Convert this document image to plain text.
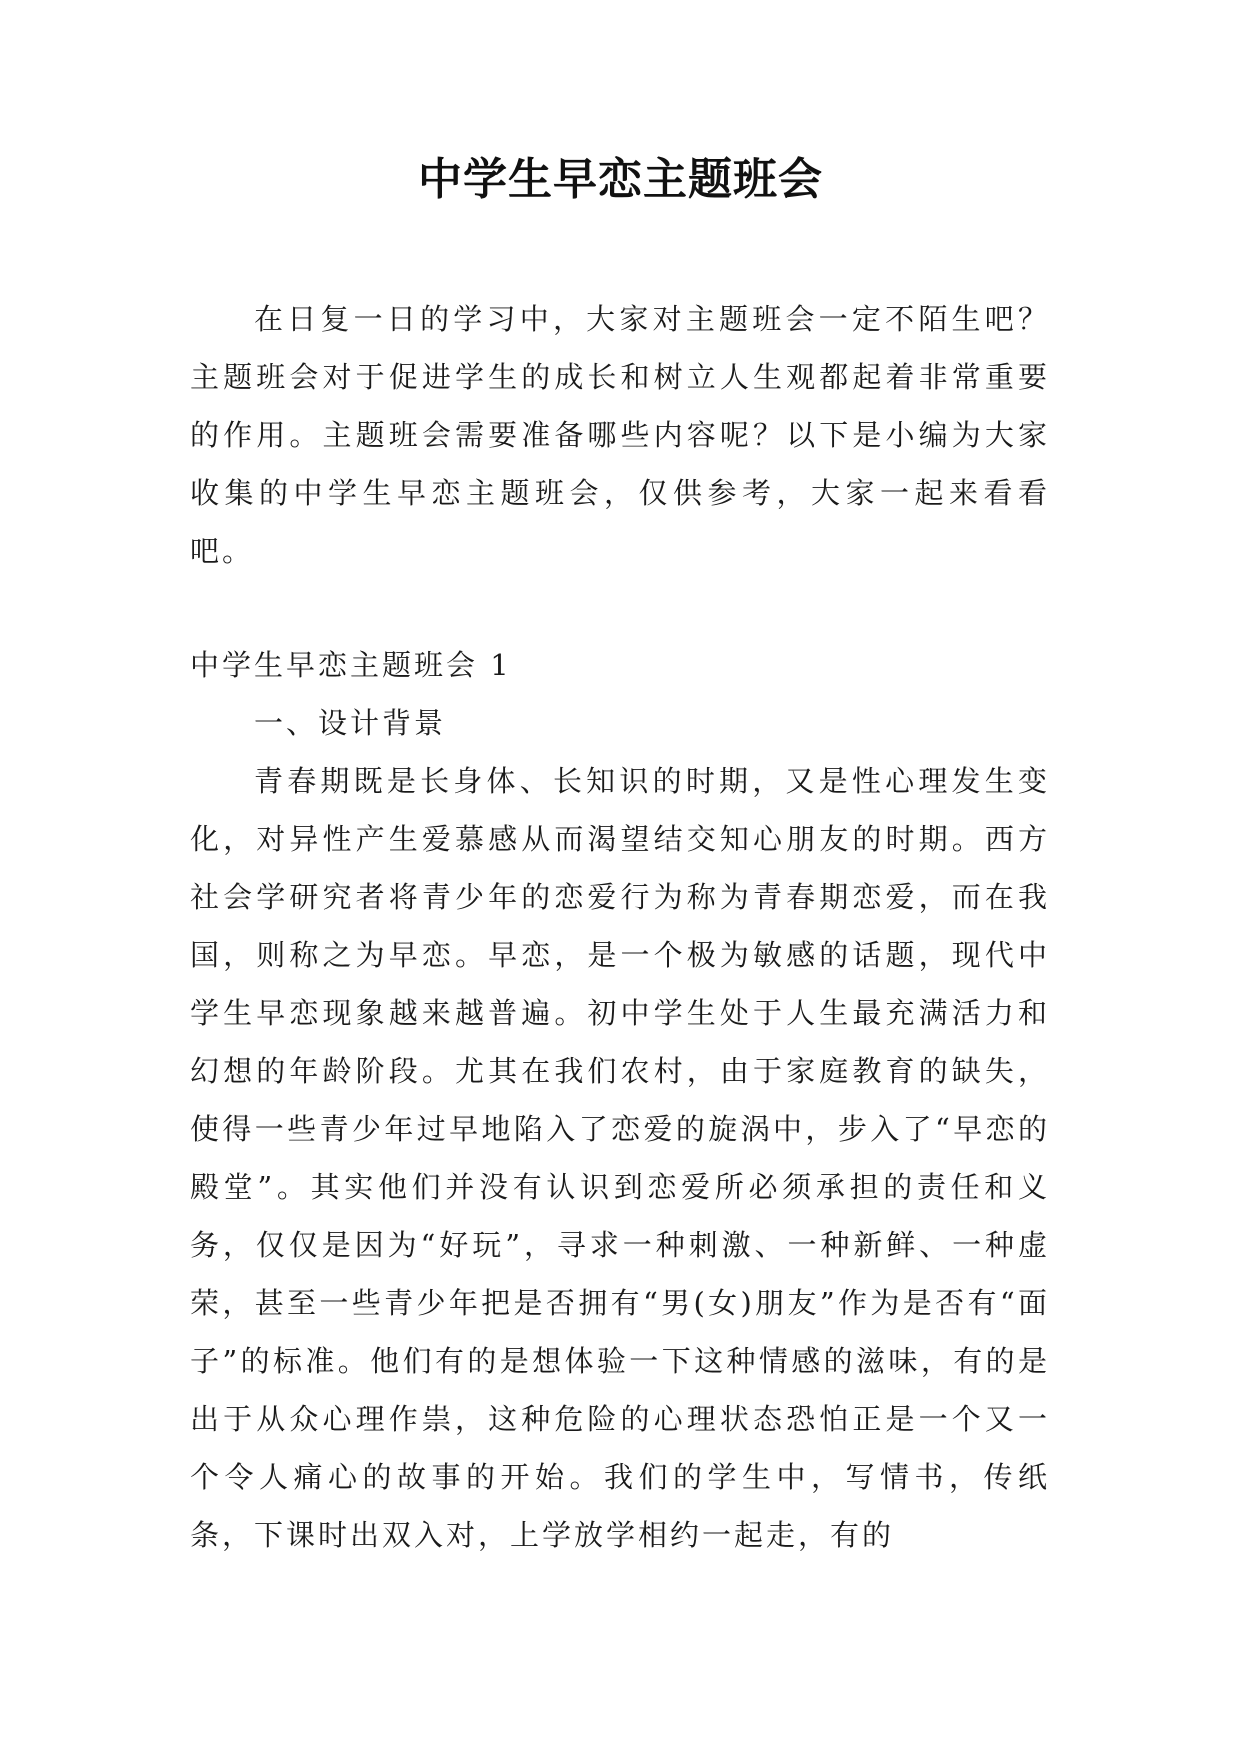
中学生早恋主题班会

在日复一日的学习中，大家对主题班会一定不陌生吧？主题班会对于促进学生的成长和树立人生观都起着非常重要的作用。主题班会需要准备哪些内容呢？以下是小编为大家收集的中学生早恋主题班会，仅供参考，大家一起来看看吧。

中学生早恋主题班会 1

一、设计背景

青春期既是长身体、长知识的时期，又是性心理发生变化，对异性产生爱慕感从而渴望结交知心朋友的时期。西方社会学研究者将青少年的恋爱行为称为青春期恋爱，而在我国，则称之为早恋。早恋，是一个极为敏感的话题，现代中学生早恋现象越来越普遍。初中学生处于人生最充满活力和幻想的年龄阶段。尤其在我们农村，由于家庭教育的缺失，使得一些青少年过早地陷入了恋爱的旋涡中，步入了“早恋的殿堂”。其实他们并没有认识到恋爱所必须承担的责任和义务，仅仅是因为“好玩”，寻求一种刺激、一种新鲜、一种虚荣，甚至一些青少年把是否拥有“男(女)朋友”作为是否有“面子”的标准。他们有的是想体验一下这种情感的滋味，有的是出于从众心理作祟，这种危险的心理状态恐怕正是一个又一个令人痛心的故事的开始。我们的学生中，写情书，传纸条，下课时出双入对，上学放学相约一起走，有的
